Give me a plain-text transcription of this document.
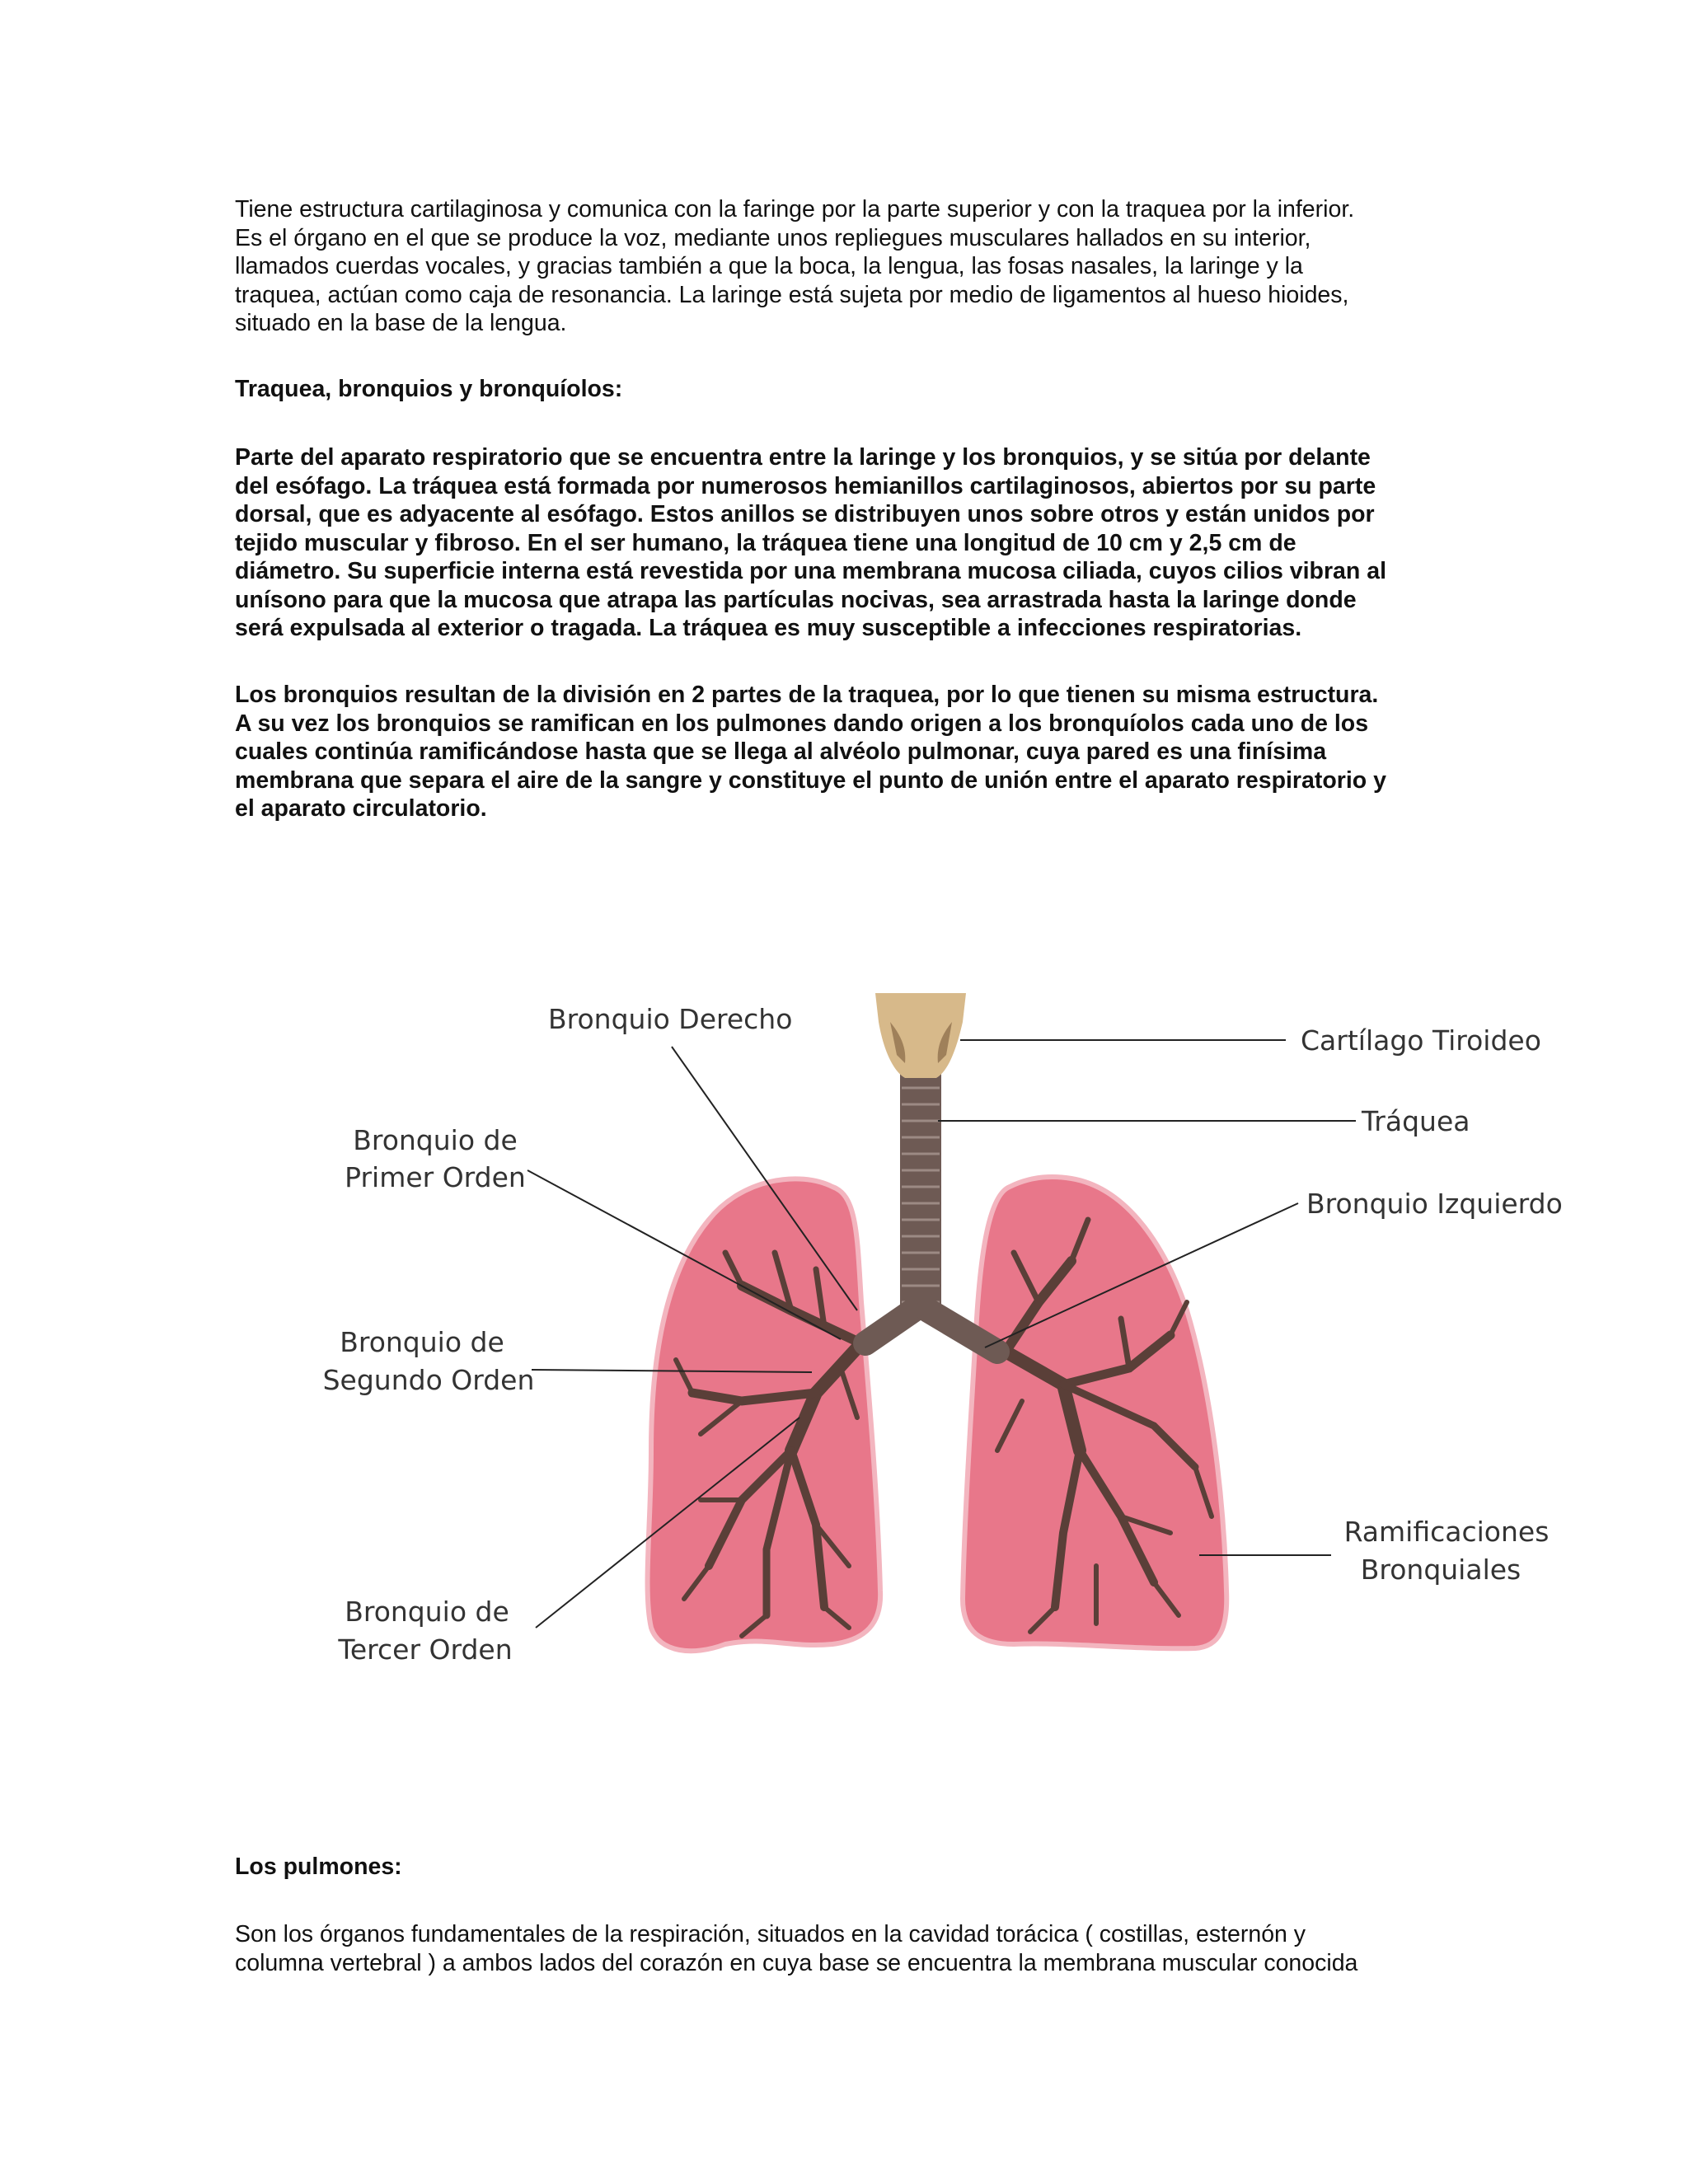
Tiene estructura cartilaginosa y comunica con la faringe por la parte superior y con la traquea por la inferior.
Es el órgano en el que se produce la voz, mediante unos repliegues musculares hallados en su interior,
llamados cuerdas vocales, y gracias también a que la boca, la lengua, las fosas nasales, la laringe y la
traquea, actúan como caja de resonancia. La laringe está sujeta por medio de ligamentos al hueso hioides,
situado en la base de la lengua.
Traquea, bronquios y bronquíolos:
Parte del aparato respiratorio que se encuentra entre la laringe y los bronquios, y se sitúa por delante
del esófago. La tráquea está formada por numerosos hemianillos cartilaginosos, abiertos por su parte
dorsal, que es adyacente al esófago. Estos anillos se distribuyen unos sobre otros y están unidos por
tejido muscular y fibroso. En el ser humano, la tráquea tiene una longitud de 10 cm y 2,5 cm de
diámetro. Su superficie interna está revestida por una membrana mucosa ciliada, cuyos cilios vibran al
unísono para que la mucosa que atrapa las partículas nocivas, sea arrastrada hasta la laringe donde
será expulsada al exterior o tragada. La tráquea es muy susceptible a infecciones respiratorias.
Los bronquios resultan de la división en 2 partes de la traquea, por lo que tienen su misma estructura.
A su vez los bronquios se ramifican en los pulmones dando origen a los bronquíolos cada uno de los
cuales continúa ramificándose hasta que se llega al alvéolo pulmonar, cuya pared es una finísima
membrana que separa el aire de la sangre y constituye el punto de unión entre el aparato respiratorio y
el aparato circulatorio.
Bronquio Derecho
Bronquio de
Primer Orden
Bronquio de
Segundo Orden
Bronquio de
Tercer Orden
Cartílago Tiroideo
Tráquea
Bronquio Izquierdo
Ramificaciones
Bronquiales
Los pulmones:
Son los órganos fundamentales de la respiración, situados en la cavidad torácica ( costillas, esternón y
columna vertebral ) a ambos lados del corazón en cuya base se encuentra la membrana muscular conocida
